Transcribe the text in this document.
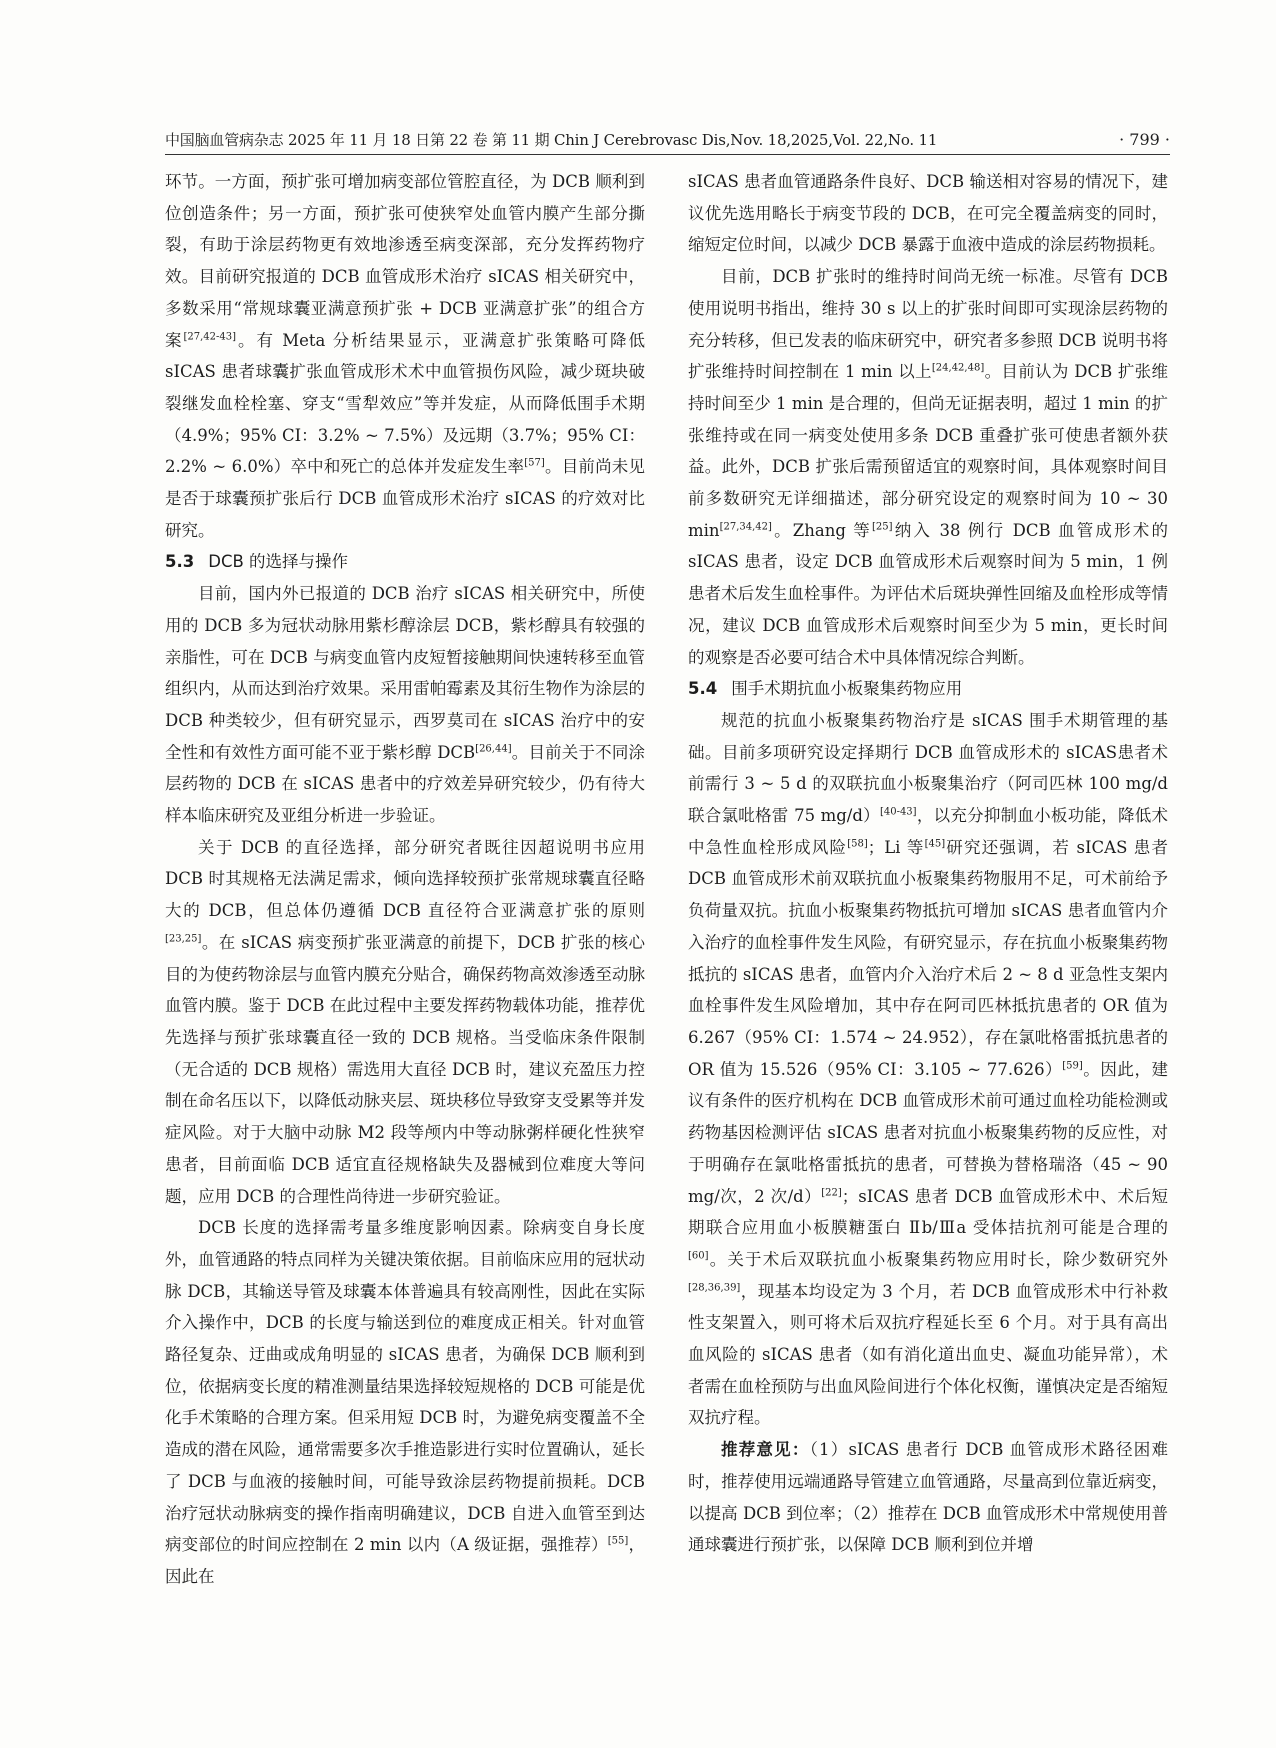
中国脑血管病杂志 2025 年 11 月 18 日第 22 卷 第 11 期 Chin J Cerebrovasc Dis,Nov. 18,2025,Vol. 22,No. 11	· 799 ·

环节。一方面，预扩张可增加病变部位管腔直径，为 DCB 顺利到位创造条件；另一方面，预扩张可使狭窄处血管内膜产生部分撕裂，有助于涂层药物更有效地渗透至病变深部，充分发挥药物疗效。目前研究报道的 DCB 血管成形术治疗 sICAS 相关研究中，多数采用“常规球囊亚满意预扩张 + DCB 亚满意扩张”的组合方案[27,42-43]。有 Meta 分析结果显示，亚满意扩张策略可降低 sICAS 患者球囊扩张血管成形术术中血管损伤风险，减少斑块破裂继发血栓栓塞、穿支“雪犁效应”等并发症，从而降低围手术期（4.9%；95% CI：3.2% ~ 7.5%）及远期（3.7%；95% CI：2.2% ~ 6.0%）卒中和死亡的总体并发症发生率[57]。目前尚未见是否于球囊预扩张后行 DCB 血管成形术治疗 sICAS 的疗效对比研究。

5.3 DCB 的选择与操作

目前，国内外已报道的 DCB 治疗 sICAS 相关研究中，所使用的 DCB 多为冠状动脉用紫杉醇涂层 DCB，紫杉醇具有较强的亲脂性，可在 DCB 与病变血管内皮短暂接触期间快速转移至血管组织内，从而达到治疗效果。采用雷帕霉素及其衍生物作为涂层的 DCB 种类较少，但有研究显示，西罗莫司在 sICAS 治疗中的安全性和有效性方面可能不亚于紫杉醇 DCB[26,44]。目前关于不同涂层药物的 DCB 在 sICAS 患者中的疗效差异研究较少，仍有待大样本临床研究及亚组分析进一步验证。

关于 DCB 的直径选择，部分研究者既往因超说明书应用 DCB 时其规格无法满足需求，倾向选择较预扩张常规球囊直径略大的 DCB，但总体仍遵循 DCB 直径符合亚满意扩张的原则[23,25]。在 sICAS 病变预扩张亚满意的前提下，DCB 扩张的核心目的为使药物涂层与血管内膜充分贴合，确保药物高效渗透至动脉血管内膜。鉴于 DCB 在此过程中主要发挥药物载体功能，推荐优先选择与预扩张球囊直径一致的 DCB 规格。当受临床条件限制（无合适的 DCB 规格）需选用大直径 DCB 时，建议充盈压力控制在命名压以下，以降低动脉夹层、斑块移位导致穿支受累等并发症风险。对于大脑中动脉 M2 段等颅内中等动脉粥样硬化性狭窄患者，目前面临 DCB 适宜直径规格缺失及器械到位难度大等问题，应用 DCB 的合理性尚待进一步研究验证。

DCB 长度的选择需考量多维度影响因素。除病变自身长度外，血管通路的特点同样为关键决策依据。目前临床应用的冠状动脉 DCB，其输送导管及球囊本体普遍具有较高刚性，因此在实际介入操作中，DCB 的长度与输送到位的难度成正相关。针对血管路径复杂、迂曲或成角明显的 sICAS 患者，为确保 DCB 顺利到位，依据病变长度的精准测量结果选择较短规格的 DCB 可能是优化手术策略的合理方案。但采用短 DCB 时，为避免病变覆盖不全造成的潜在风险，通常需要多次手推造影进行实时位置确认，延长了 DCB 与血液的接触时间，可能导致涂层药物提前损耗。DCB 治疗冠状动脉病变的操作指南明确建议，DCB 自进入血管至到达病变部位的时间应控制在 2 min 以内（A 级证据，强推荐）[55]，因此在

sICAS 患者血管通路条件良好、DCB 输送相对容易的情况下，建议优先选用略长于病变节段的 DCB，在可完全覆盖病变的同时，缩短定位时间，以减少 DCB 暴露于血液中造成的涂层药物损耗。

目前，DCB 扩张时的维持时间尚无统一标准。尽管有 DCB 使用说明书指出，维持 30 s 以上的扩张时间即可实现涂层药物的充分转移，但已发表的临床研究中，研究者多参照 DCB 说明书将扩张维持时间控制在 1 min 以上[24,42,48]。目前认为 DCB 扩张维持时间至少 1 min 是合理的，但尚无证据表明，超过 1 min 的扩张维持或在同一病变处使用多条 DCB 重叠扩张可使患者额外获益。此外，DCB 扩张后需预留适宜的观察时间，具体观察时间目前多数研究无详细描述，部分研究设定的观察时间为 10 ~ 30 min[27,34,42]。Zhang 等[25]纳入 38 例行 DCB 血管成形术的 sICAS 患者，设定 DCB 血管成形术后观察时间为 5 min，1 例患者术后发生血栓事件。为评估术后斑块弹性回缩及血栓形成等情况，建议 DCB 血管成形术后观察时间至少为 5 min，更长时间的观察是否必要可结合术中具体情况综合判断。

5.4 围手术期抗血小板聚集药物应用

规范的抗血小板聚集药物治疗是 sICAS 围手术期管理的基础。目前多项研究设定择期行 DCB 血管成形术的 sICAS患者术前需行 3 ~ 5 d 的双联抗血小板聚集治疗（阿司匹林 100 mg/d 联合氯吡格雷 75 mg/d）[40-43]，以充分抑制血小板功能，降低术中急性血栓形成风险[58]；Li 等[45]研究还强调，若 sICAS 患者 DCB 血管成形术前双联抗血小板聚集药物服用不足，可术前给予负荷量双抗。抗血小板聚集药物抵抗可增加 sICAS 患者血管内介入治疗的血栓事件发生风险，有研究显示，存在抗血小板聚集药物抵抗的 sICAS 患者，血管内介入治疗术后 2 ~ 8 d 亚急性支架内血栓事件发生风险增加，其中存在阿司匹林抵抗患者的 OR 值为 6.267（95% CI：1.574 ~ 24.952），存在氯吡格雷抵抗患者的 OR 值为 15.526（95% CI：3.105 ~ 77.626）[59]。因此，建议有条件的医疗机构在 DCB 血管成形术前可通过血栓功能检测或药物基因检测评估 sICAS 患者对抗血小板聚集药物的反应性，对于明确存在氯吡格雷抵抗的患者，可替换为替格瑞洛（45 ~ 90 mg/次，2 次/d）[22]；sICAS 患者 DCB 血管成形术中、术后短期联合应用血小板膜糖蛋白 Ⅱb/Ⅲa 受体拮抗剂可能是合理的[60]。关于术后双联抗血小板聚集药物应用时长，除少数研究外[28,36,39]，现基本均设定为 3 个月，若 DCB 血管成形术中行补救性支架置入，则可将术后双抗疗程延长至 6 个月。对于具有高出血风险的 sICAS 患者（如有消化道出血史、凝血功能异常），术者需在血栓预防与出血风险间进行个体化权衡，谨慎决定是否缩短双抗疗程。

推荐意见：（1）sICAS 患者行 DCB 血管成形术路径困难时，推荐使用远端通路导管建立血管通路，尽量高到位靠近病变，以提高 DCB 到位率；（2）推荐在 DCB 血管成形术中常规使用普通球囊进行预扩张，以保障 DCB 顺利到位并增
